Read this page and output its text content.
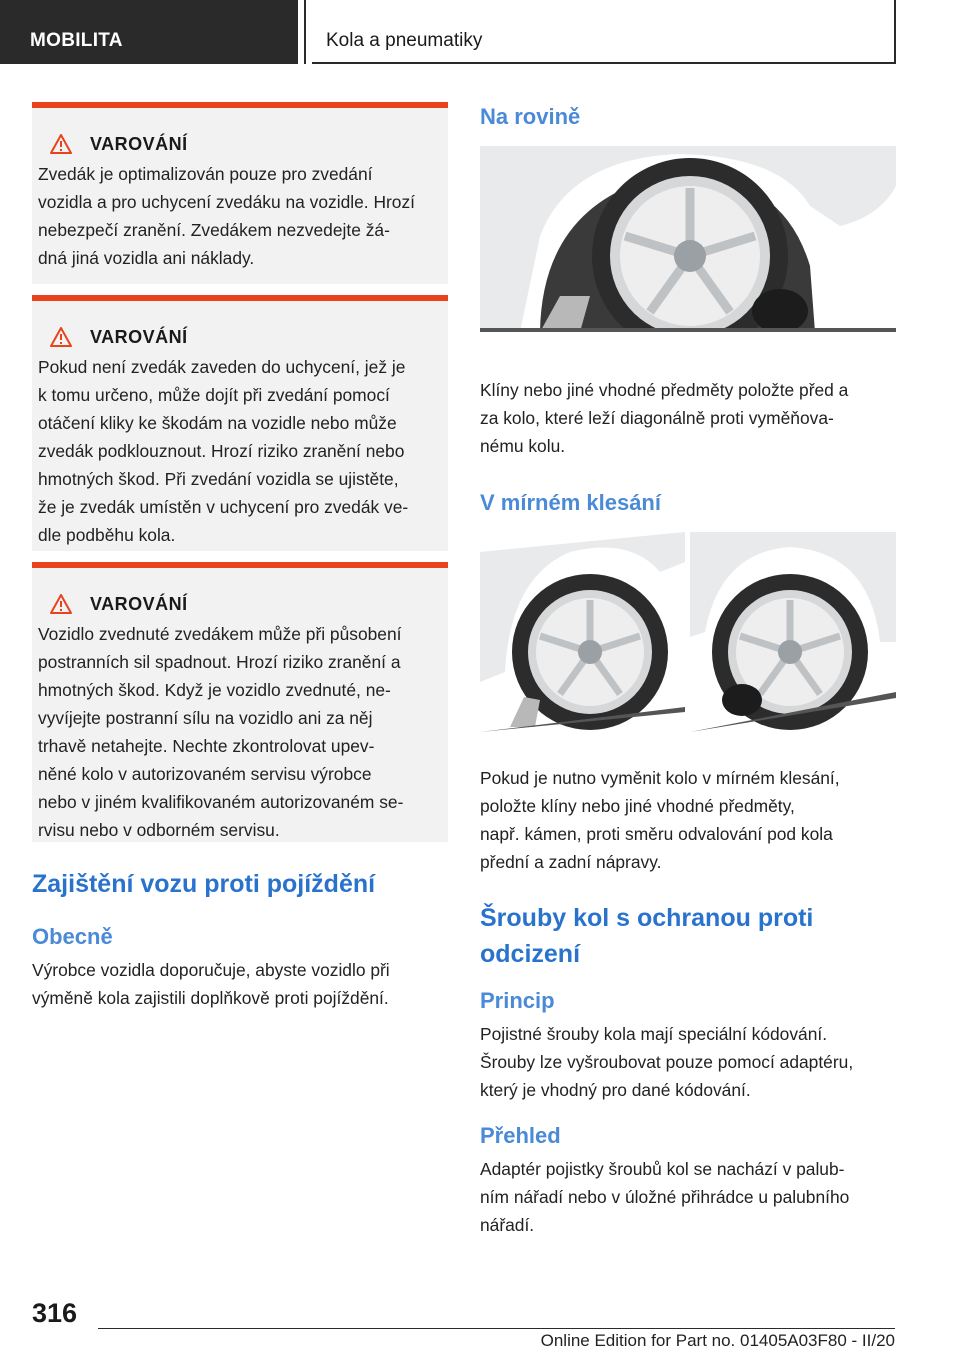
MOBILITA	Kola a pneumatiky
VAROVÁNÍ
Zvedák je optimalizován pouze pro zvedání
vozidla a pro uchycení zvedáku na vozidle. Hrozí
nebezpečí zranění. Zvedákem nezvedejte žá-
dná jiná vozidla ani náklady.
VAROVÁNÍ
Pokud není zvedák zaveden do uchycení, jež je
k tomu určeno, může dojít při zvedání pomocí
otáčení kliky ke škodám na vozidle nebo může
zvedák podklouznout. Hrozí riziko zranění nebo
hmotných škod. Při zvedání vozidla se ujistěte,
že je zvedák umístěn v uchycení pro zvedák ve-
dle podběhu kola.
VAROVÁNÍ
Vozidlo zvednuté zvedákem může při působení
postranních sil spadnout. Hrozí riziko zranění a
hmotných škod. Když je vozidlo zvednuté, ne-
vyvíjejte postranní sílu na vozidlo ani za něj
trhavě netahejte. Nechte zkontrolovat upev-
něné kolo v autorizovaném servisu výrobce
nebo v jiném kvalifikovaném autorizovaném se-
rvisu nebo v odborném servisu.
Zajištění vozu proti pojíždění
Obecně
Výrobce vozidla doporučuje, abyste vozidlo při
výměně kola zajistili doplňkově proti pojíždění.
Na rovině
Klíny nebo jiné vhodné předměty položte před a
za kolo, které leží diagonálně proti vyměňova-
nému kolu.
V mírném klesání
Pokud je nutno vyměnit kolo v mírném klesání,
položte klíny nebo jiné vhodné předměty,
např. kámen, proti směru odvalování pod kola
přední a zadní nápravy.
Šrouby kol s ochranou proti
odcizení
Princip
Pojistné šrouby kola mají speciální kódování.
Šrouby lze vyšroubovat pouze pomocí adaptéru,
který je vhodný pro dané kódování.
Přehled
Adaptér pojistky šroubů kol se nachází v palub-
ním nářadí nebo v úložné přihrádce u palubního
nářadí.
316
Online Edition for Part no. 01405A03F80 - II/20
